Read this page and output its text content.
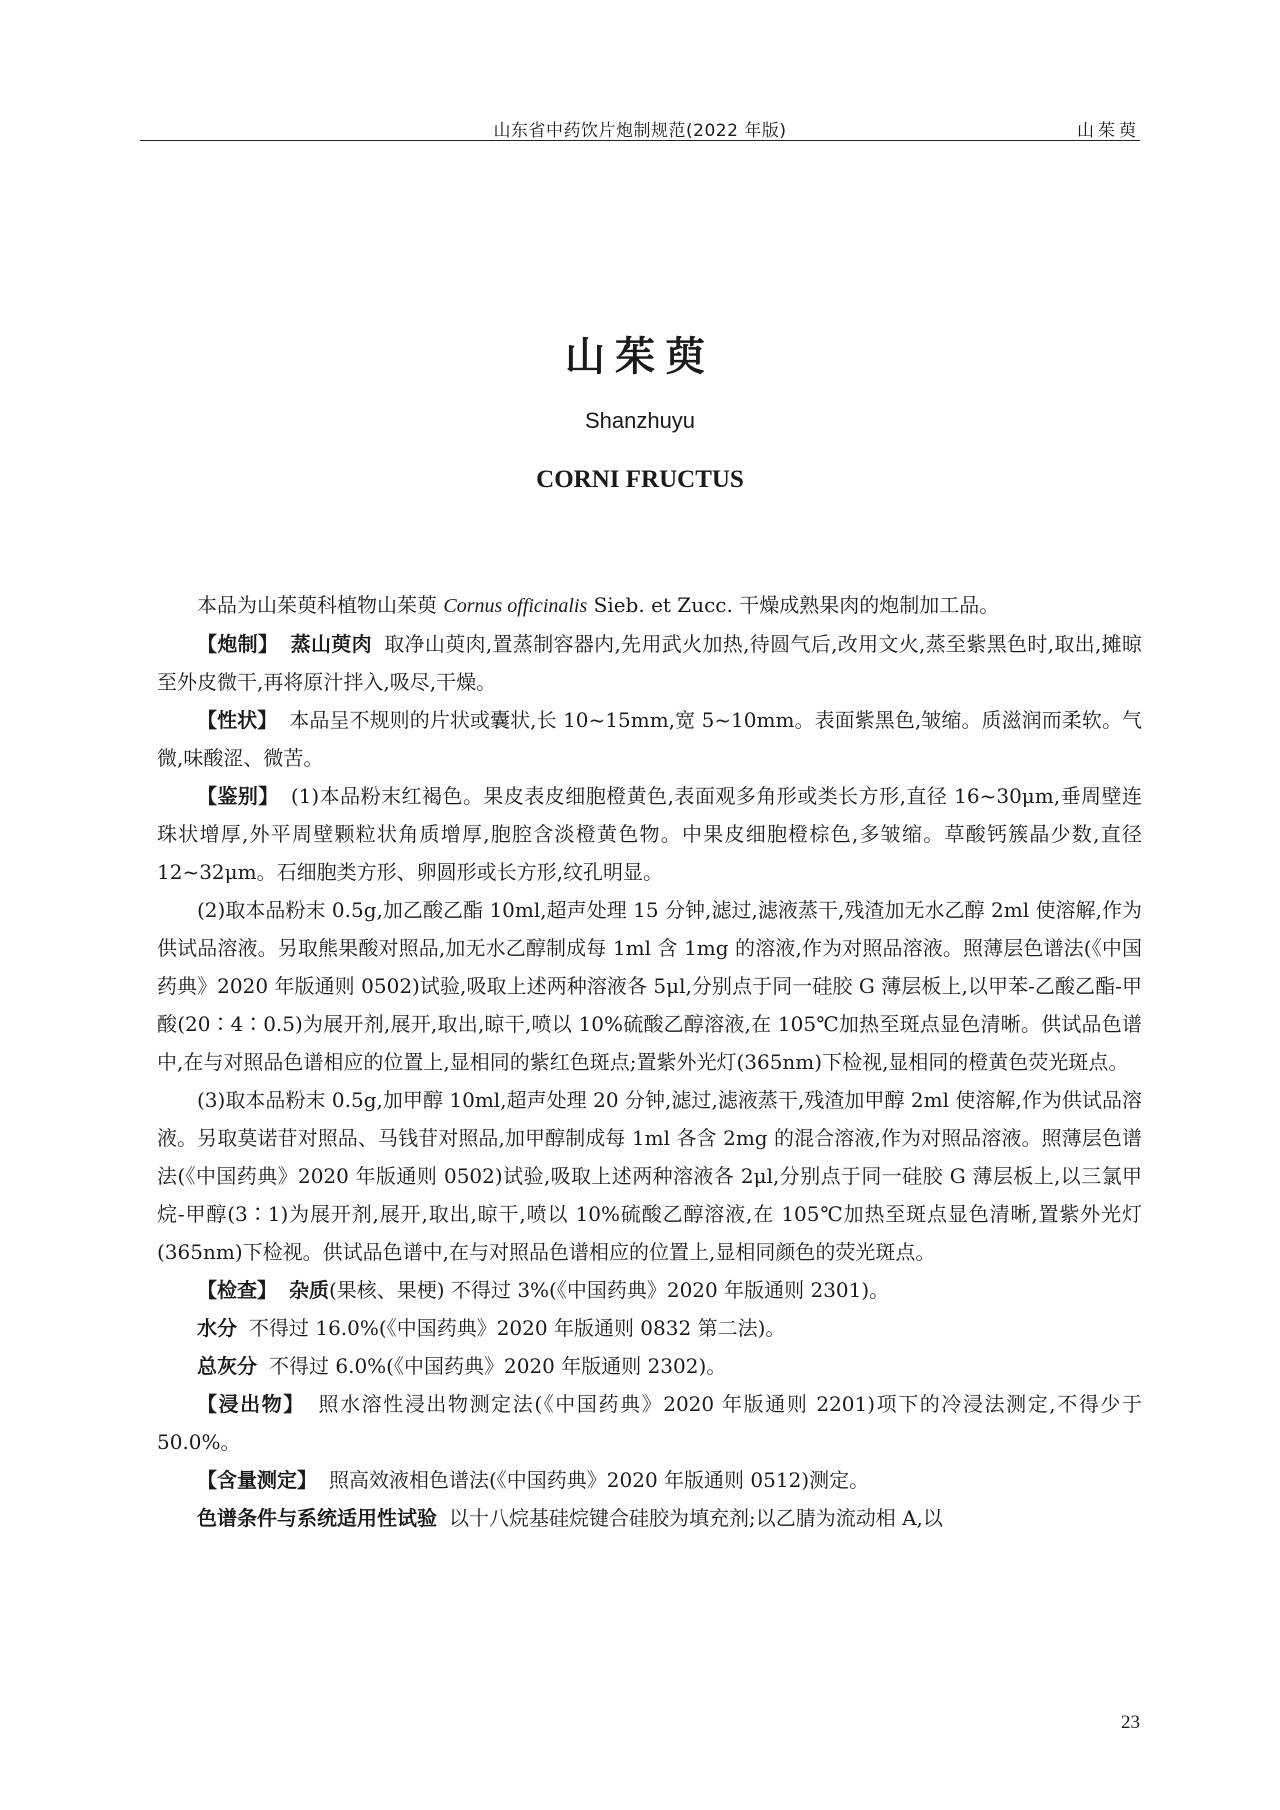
山东省中药饮片炮制规范(2022 年版)	山茱萸
山茱萸
Shanzhuyu
CORNI FRUCTUS

本品为山茱萸科植物山茱萸 Cornus officinalis Sieb. et Zucc. 干燥成熟果肉的炮制加工品。

【炮制】 蒸山萸肉 取净山萸肉,置蒸制容器内,先用武火加热,待圆气后,改用文火,蒸至紫黑色时,取出,摊晾至外皮微干,再将原汁拌入,吸尽,干燥。

【性状】 本品呈不规则的片状或囊状,长 10~15mm,宽 5~10mm。表面紫黑色,皱缩。质滋润而柔软。气微,味酸涩、微苦。

【鉴别】 (1)本品粉末红褐色。果皮表皮细胞橙黄色,表面观多角形或类长方形,直径 16~30μm,垂周壁连珠状增厚,外平周壁颗粒状角质增厚,胞腔含淡橙黄色物。中果皮细胞橙棕色,多皱缩。草酸钙簇晶少数,直径 12~32μm。石细胞类方形、卵圆形或长方形,纹孔明显。

(2)取本品粉末 0.5g,加乙酸乙酯 10ml,超声处理 15 分钟,滤过,滤液蒸干,残渣加无水乙醇 2ml 使溶解,作为供试品溶液。另取熊果酸对照品,加无水乙醇制成每 1ml 含 1mg 的溶液,作为对照品溶液。照薄层色谱法(《中国药典》2020 年版通则 0502)试验,吸取上述两种溶液各 5μl,分别点于同一硅胶 G 薄层板上,以甲苯-乙酸乙酯-甲酸(20∶4∶0.5)为展开剂,展开,取出,晾干,喷以 10%硫酸乙醇溶液,在 105℃加热至斑点显色清晰。供试品色谱中,在与对照品色谱相应的位置上,显相同的紫红色斑点;置紫外光灯(365nm)下检视,显相同的橙黄色荧光斑点。

(3)取本品粉末 0.5g,加甲醇 10ml,超声处理 20 分钟,滤过,滤液蒸干,残渣加甲醇 2ml 使溶解,作为供试品溶液。另取莫诺苷对照品、马钱苷对照品,加甲醇制成每 1ml 各含 2mg 的混合溶液,作为对照品溶液。照薄层色谱法(《中国药典》2020 年版通则 0502)试验,吸取上述两种溶液各 2μl,分别点于同一硅胶 G 薄层板上,以三氯甲烷-甲醇(3∶1)为展开剂,展开,取出,晾干,喷以 10%硫酸乙醇溶液,在 105℃加热至斑点显色清晰,置紫外光灯(365nm)下检视。供试品色谱中,在与对照品色谱相应的位置上,显相同颜色的荧光斑点。

【检查】 杂质(果核、果梗) 不得过 3%(《中国药典》2020 年版通则 2301)。

水分 不得过 16.0%(《中国药典》2020 年版通则 0832 第二法)。

总灰分 不得过 6.0%(《中国药典》2020 年版通则 2302)。

【浸出物】 照水溶性浸出物测定法(《中国药典》2020 年版通则 2201)项下的冷浸法测定,不得少于 50.0%。

【含量测定】 照高效液相色谱法(《中国药典》2020 年版通则 0512)测定。

色谱条件与系统适用性试验 以十八烷基硅烷键合硅胶为填充剂;以乙腈为流动相 A,以

23
